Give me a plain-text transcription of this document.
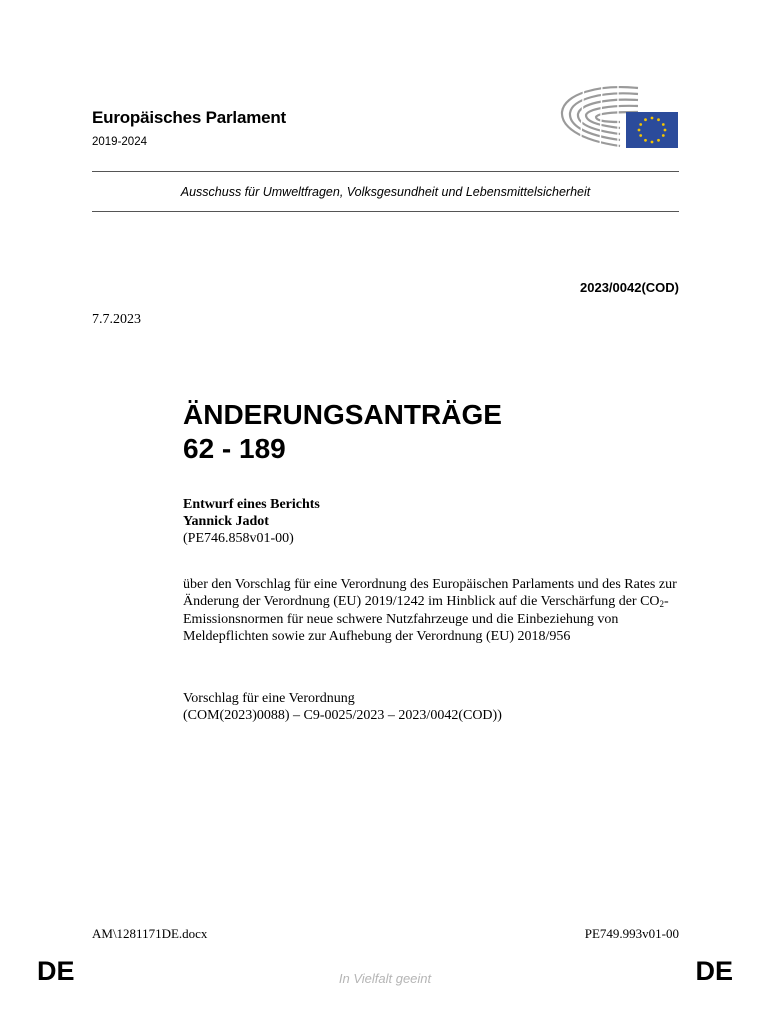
Europäisches Parlament
2019-2024
Ausschuss für Umweltfragen, Volksgesundheit und Lebensmittelsicherheit
2023/0042(COD)
7.7.2023
ÄNDERUNGSANTRÄGE
62 - 189
Entwurf eines Berichts
Yannick Jadot
(PE746.858v01-00)
über den Vorschlag für eine Verordnung des Europäischen Parlaments und des Rates zur Änderung der Verordnung (EU) 2019/1242 im Hinblick auf die Verschärfung der $CO_2$-Emissionsnormen für neue schwere Nutzfahrzeuge und die Einbeziehung von Meldepflichten sowie zur Aufhebung der Verordnung (EU) 2018/956
Vorschlag für eine Verordnung
(COM(2023)0088) – C9-0025/2023 – 2023/0042(COD))
AM\1281171DE.docx	PE749.993v01-00
DE	In Vielfalt geeint	DE
